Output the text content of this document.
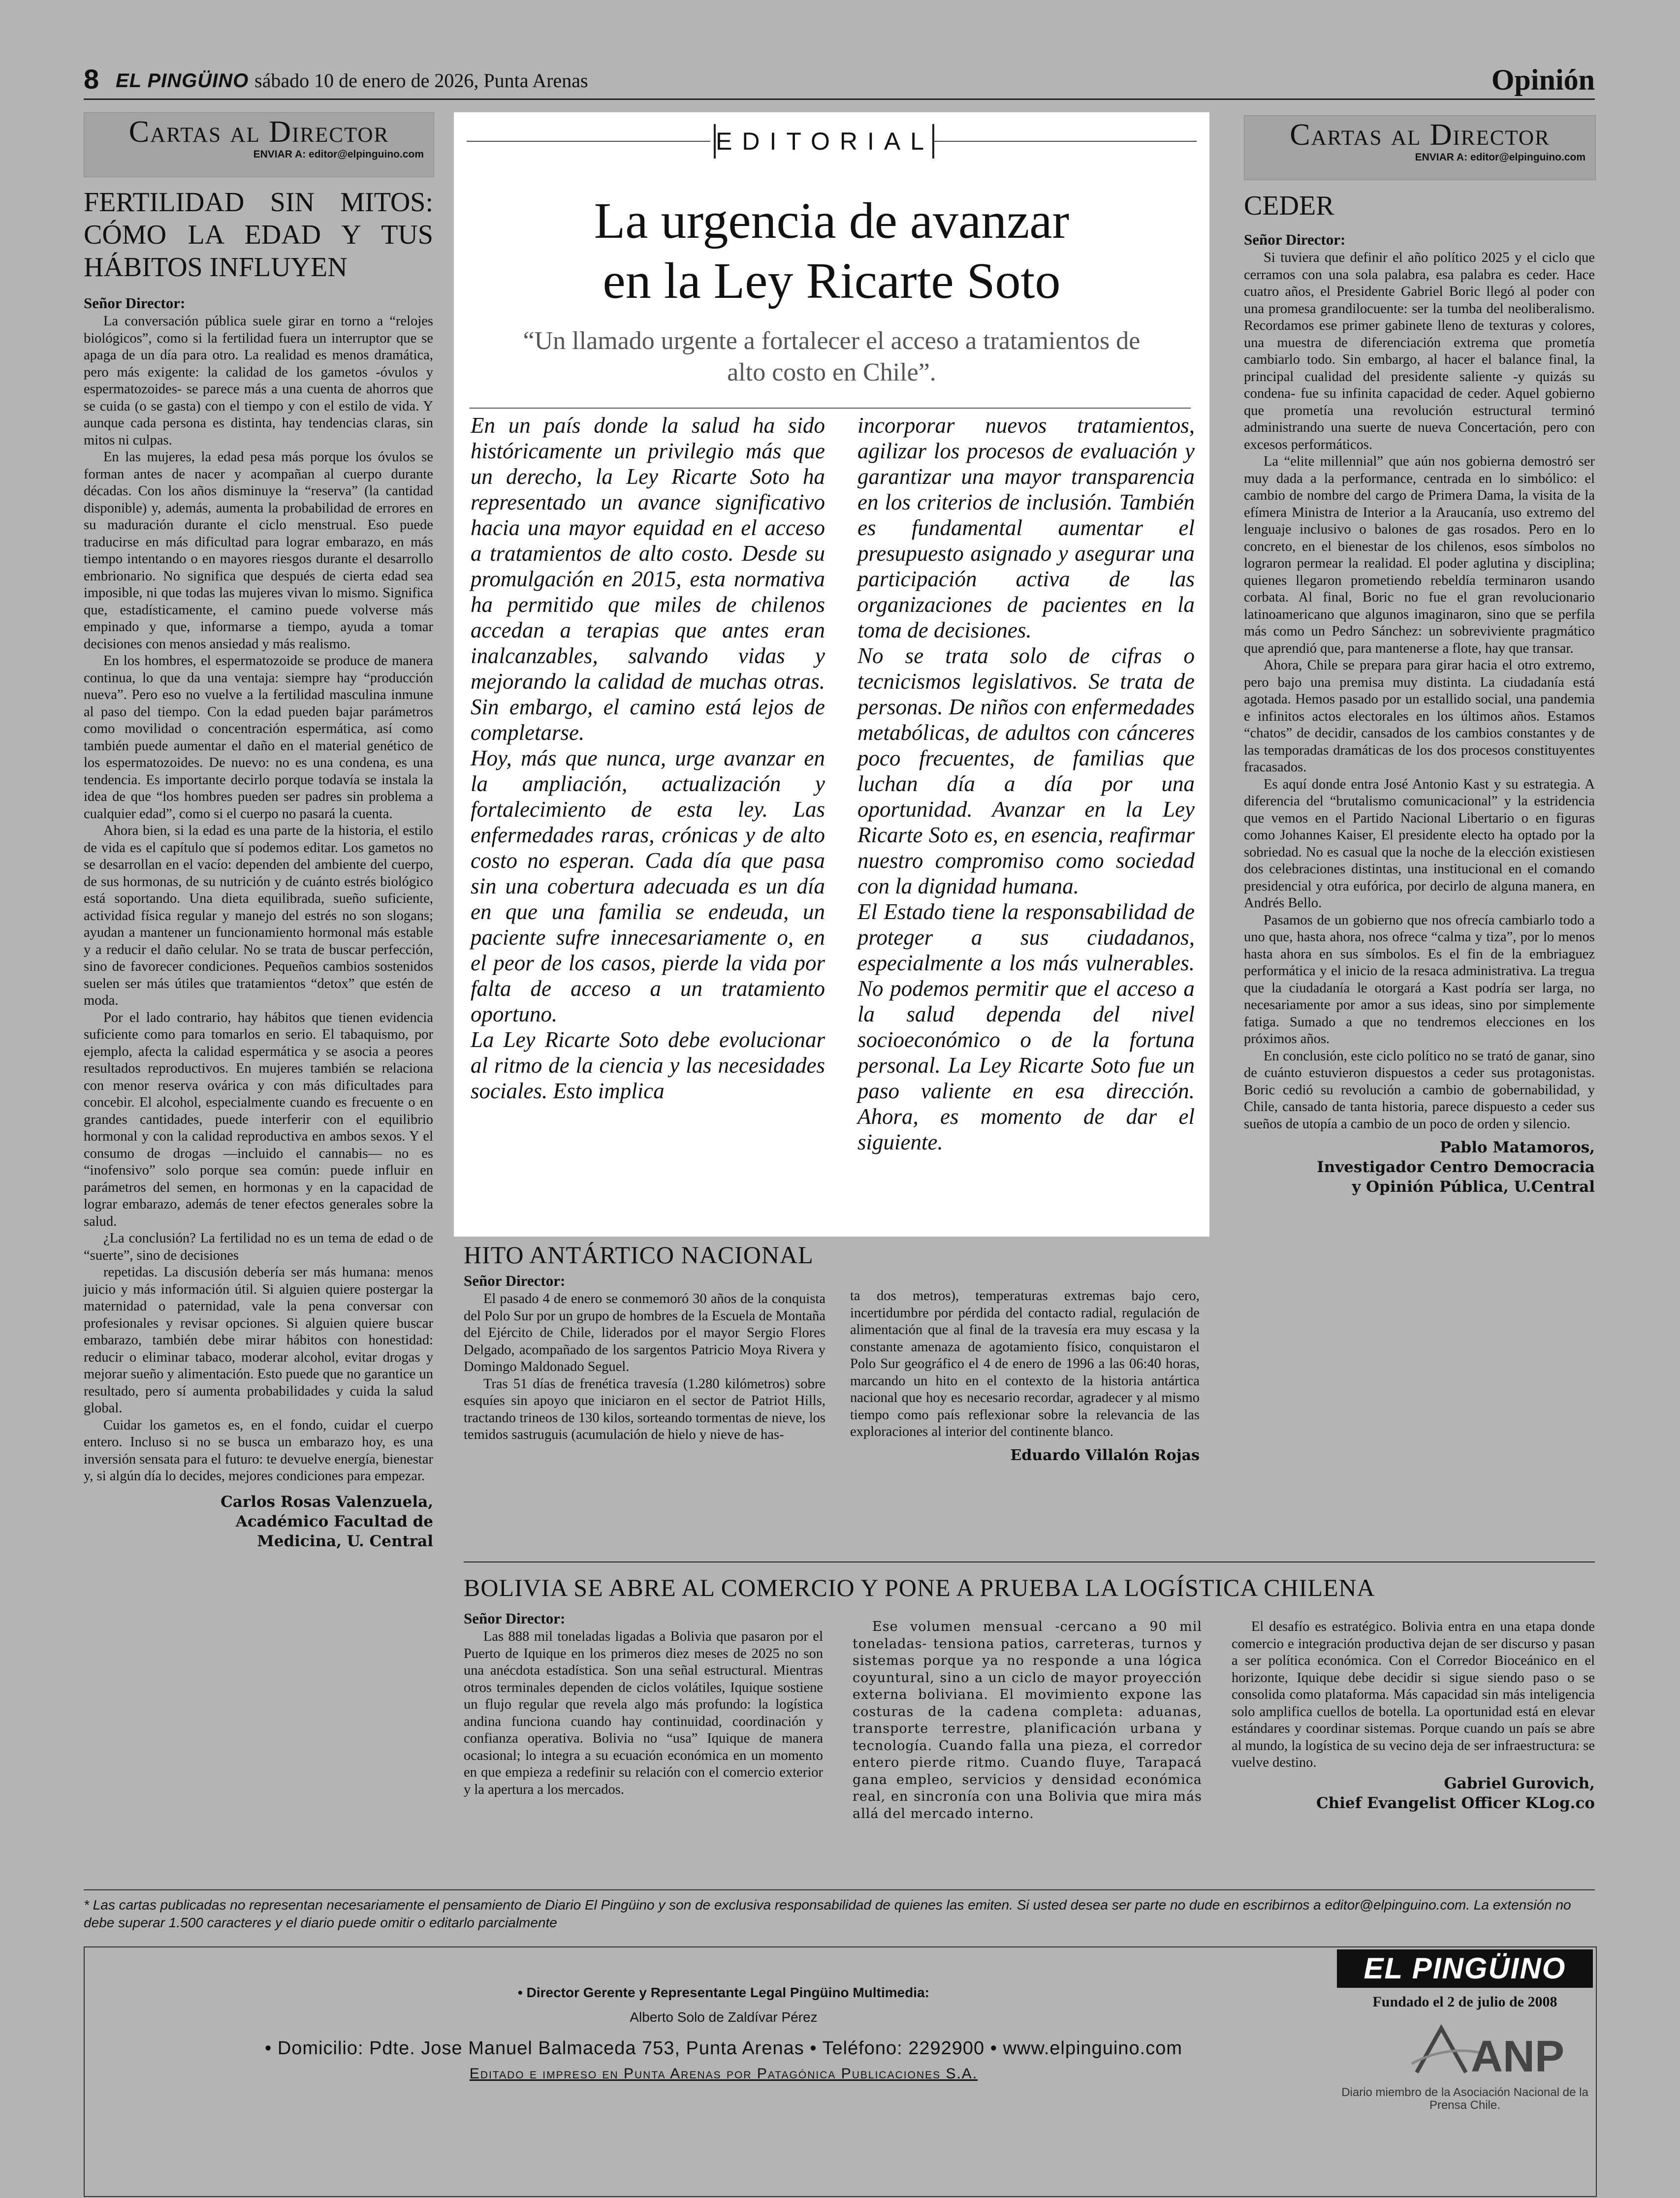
8 EL PINGÜINO sábado 10 de enero de 2026, Punta Arenas	Opinión
Cartas al Director
ENVIAR A: editor@elpinguino.com
FERTILIDAD SIN MITOS: CÓMO LA EDAD Y TUS HÁBITOS INFLUYEN
Señor Director:

La conversación pública suele girar en torno a “relojes biológicos”, como si la fertilidad fuera un interruptor que se apaga de un día para otro. La realidad es menos dramática, pero más exigente: la calidad de los gametos -óvulos y espermatozoides- se parece más a una cuenta de ahorros que se cuida (o se gasta) con el tiempo y con el estilo de vida. Y aunque cada persona es distinta, hay tendencias claras, sin mitos ni culpas.

En las mujeres, la edad pesa más porque los óvulos se forman antes de nacer y acompañan al cuerpo durante décadas. Con los años disminuye la “reserva” (la cantidad disponible) y, además, aumenta la probabilidad de errores en su maduración durante el ciclo menstrual. Eso puede traducirse en más dificultad para lograr embarazo, en más tiempo intentando o en mayores riesgos durante el desarrollo embrionario. No significa que después de cierta edad sea imposible, ni que todas las mujeres vivan lo mismo. Significa que, estadísticamente, el camino puede volverse más empinado y que, informarse a tiempo, ayuda a tomar decisiones con menos ansiedad y más realismo.

En los hombres, el espermatozoide se produce de manera continua, lo que da una ventaja: siempre hay “producción nueva”. Pero eso no vuelve a la fertilidad masculina inmune al paso del tiempo. Con la edad pueden bajar parámetros como movilidad o concentración espermática, así como también puede aumentar el daño en el material genético de los espermatozoides. De nuevo: no es una condena, es una tendencia. Es importante decirlo porque todavía se instala la idea de que “los hombres pueden ser padres sin problema a cualquier edad”, como si el cuerpo no pasará la cuenta.

Ahora bien, si la edad es una parte de la historia, el estilo de vida es el capítulo que sí podemos editar. Los gametos no se desarrollan en el vacío: dependen del ambiente del cuerpo, de sus hormonas, de su nutrición y de cuánto estrés biológico está soportando. Una dieta equilibrada, sueño suficiente, actividad física regular y manejo del estrés no son slogans; ayudan a mantener un funcionamiento hormonal más estable y a reducir el daño celular. No se trata de buscar perfección, sino de favorecer condiciones. Pequeños cambios sostenidos suelen ser más útiles que tratamientos “detox” que estén de moda.

Por el lado contrario, hay hábitos que tienen evidencia suficiente como para tomarlos en serio. El tabaquismo, por ejemplo, afecta la calidad espermática y se asocia a peores resultados reproductivos. En mujeres también se relaciona con menor reserva ovárica y con más dificultades para concebir. El alcohol, especialmente cuando es frecuente o en grandes cantidades, puede interferir con el equilibrio hormonal y con la calidad reproductiva en ambos sexos. Y el consumo de drogas —incluido el cannabis— no es “inofensivo” solo porque sea común: puede influir en parámetros del semen, en hormonas y en la capacidad de lograr embarazo, además de tener efectos generales sobre la salud.

¿La conclusión? La fertilidad no es un tema de edad o de “suerte”, sino de decisiones

repetidas. La discusión debería ser más humana: menos juicio y más información útil. Si alguien quiere postergar la maternidad o paternidad, vale la pena conversar con profesionales y revisar opciones. Si alguien quiere buscar embarazo, también debe mirar hábitos con honestidad: reducir o eliminar tabaco, moderar alcohol, evitar drogas y mejorar sueño y alimentación. Esto puede que no garantice un resultado, pero sí aumenta probabilidades y cuida la salud global.

Cuidar los gametos es, en el fondo, cuidar el cuerpo entero. Incluso si no se busca un embarazo hoy, es una inversión sensata para el futuro: te devuelve energía, bienestar y, si algún día lo decides, mejores condiciones para empezar.

Carlos Rosas Valenzuela,
Académico Facultad de
Medicina, U. Central
EDITORIAL
La urgencia de avanzar
en la Ley Ricarte Soto
“Un llamado urgente a fortalecer el acceso a tratamientos de alto costo en Chile”.

En un país donde la salud ha sido históricamente un privilegio más que un derecho, la Ley Ricarte Soto ha representado un avance significativo hacia una mayor equidad en el acceso a tratamientos de alto costo. Desde su promulgación en 2015, esta normativa ha permitido que miles de chilenos accedan a terapias que antes eran inalcanzables, salvando vidas y mejorando la calidad de muchas otras. Sin embargo, el camino está lejos de completarse.

Hoy, más que nunca, urge avanzar en la ampliación, actualización y fortalecimiento de esta ley. Las enfermedades raras, crónicas y de alto costo no esperan. Cada día que pasa sin una cobertura adecuada es un día en que una familia se endeuda, un paciente sufre innecesariamente o, en el peor de los casos, pierde la vida por falta de acceso a un tratamiento oportuno.

La Ley Ricarte Soto debe evolucionar al ritmo de la ciencia y las necesidades sociales. Esto implica

incorporar nuevos tratamientos, agilizar los procesos de evaluación y garantizar una mayor transparencia en los criterios de inclusión. También es fundamental aumentar el presupuesto asignado y asegurar una participación activa de las organizaciones de pacientes en la toma de decisiones.

No se trata solo de cifras o tecnicismos legislativos. Se trata de personas. De niños con enfermedades metabólicas, de adultos con cánceres poco frecuentes, de familias que luchan día a día por una oportunidad. Avanzar en la Ley Ricarte Soto es, en esencia, reafirmar nuestro compromiso como sociedad con la dignidad humana.

El Estado tiene la responsabilidad de proteger a sus ciudadanos, especialmente a los más vulnerables. No podemos permitir que el acceso a la salud dependa del nivel socioeconómico o de la fortuna personal. La Ley Ricarte Soto fue un paso valiente en esa dirección. Ahora, es momento de dar el siguiente.

Cartas al Director
ENVIAR A: editor@elpinguino.com
CEDER
Señor Director:

Si tuviera que definir el año político 2025 y el ciclo que cerramos con una sola palabra, esa palabra es ceder. Hace cuatro años, el Presidente Gabriel Boric llegó al poder con una promesa grandilocuente: ser la tumba del neoliberalismo. Recordamos ese primer gabinete lleno de texturas y colores, una muestra de diferenciación extrema que prometía cambiarlo todo. Sin embargo, al hacer el balance final, la principal cualidad del presidente saliente -y quizás su condena- fue su infinita capacidad de ceder. Aquel gobierno que prometía una revolución estructural terminó administrando una suerte de nueva Concertación, pero con excesos performáticos.

La “elite millennial” que aún nos gobierna demostró ser muy dada a la performance, centrada en lo simbólico: el cambio de nombre del cargo de Primera Dama, la visita de la efímera Ministra de Interior a la Araucanía, uso extremo del lenguaje inclusivo o balones de gas rosados. Pero en lo concreto, en el bienestar de los chilenos, esos símbolos no lograron permear la realidad. El poder aglutina y disciplina; quienes llegaron prometiendo rebeldía terminaron usando corbata. Al final, Boric no fue el gran revolucionario latinoamericano que algunos imaginaron, sino que se perfila más como un Pedro Sánchez: un sobreviviente pragmático que aprendió que, para mantenerse a flote, hay que transar.

Ahora, Chile se prepara para girar hacia el otro extremo, pero bajo una premisa muy distinta. La ciudadanía está agotada. Hemos pasado por un estallido social, una pandemia e infinitos actos electorales en los últimos años. Estamos “chatos” de decidir, cansados de los cambios constantes y de las temporadas dramáticas de los dos procesos constituyentes fracasados.

Es aquí donde entra José Antonio Kast y su estrategia. A diferencia del “brutalismo comunicacional” y la estridencia que vemos en el Partido Nacional Libertario o en figuras como Johannes Kaiser, El presidente electo ha optado por la sobriedad. No es casual que la noche de la elección existiesen dos celebraciones distintas, una institucional en el comando presidencial y otra eufórica, por decirlo de alguna manera, en Andrés Bello.

Pasamos de un gobierno que nos ofrecía cambiarlo todo a uno que, hasta ahora, nos ofrece “calma y tiza”, por lo menos hasta ahora en sus símbolos. Es el fin de la embriaguez performática y el inicio de la resaca administrativa. La tregua que la ciudadanía le otorgará a Kast podría ser larga, no necesariamente por amor a sus ideas, sino por simplemente fatiga. Sumado a que no tendremos elecciones en los próximos años.

En conclusión, este ciclo político no se trató de ganar, sino de cuánto estuvieron dispuestos a ceder sus protagonistas. Boric cedió su revolución a cambio de gobernabilidad, y Chile, cansado de tanta historia, parece dispuesto a ceder sus sueños de utopía a cambio de un poco de orden y silencio.

Pablo Matamoros,
Investigador Centro Democracia
y Opinión Pública, U.Central
HITO ANTÁRTICO NACIONAL
Señor Director:

El pasado 4 de enero se conmemoró 30 años de la conquista del Polo Sur por un grupo de hombres de la Escuela de Montaña del Ejército de Chile, liderados por el mayor Sergio Flores Delgado, acompañado de los sargentos Patricio Moya Rivera y Domingo Maldonado Seguel.

Tras 51 días de frenética travesía (1.280 kilómetros) sobre esquíes sin apoyo que iniciaron en el sector de Patriot Hills, tractando trineos de 130 kilos, sorteando tormentas de nieve, los temidos sastruguis (acumulación de hielo y nieve de has-

ta dos metros), temperaturas extremas bajo cero, incertidumbre por pérdida del contacto radial, regulación de alimentación que al final de la travesía era muy escasa y la constante amenaza de agotamiento físico, conquistaron el Polo Sur geográfico el 4 de enero de 1996 a las 06:40 horas, marcando un hito en el contexto de la historia antártica nacional que hoy es necesario recordar, agradecer y al mismo tiempo como país reflexionar sobre la relevancia de las exploraciones al interior del continente blanco.

Eduardo Villalón Rojas
BOLIVIA SE ABRE AL COMERCIO Y PONE A PRUEBA LA LOGÍSTICA CHILENA
Señor Director:

Las 888 mil toneladas ligadas a Bolivia que pasaron por el Puerto de Iquique en los primeros diez meses de 2025 no son una anécdota estadística. Son una señal estructural. Mientras otros terminales dependen de ciclos volátiles, Iquique sostiene un flujo regular que revela algo más profundo: la logística andina funciona cuando hay continuidad, coordinación y confianza operativa. Bolivia no “usa” Iquique de manera ocasional; lo integra a su ecuación económica en un momento en que empieza a redefinir su relación con el comercio exterior y la apertura a los mercados.

Ese volumen mensual -cercano a 90 mil toneladas- tensiona patios, carreteras, turnos y sistemas porque ya no responde a una lógica coyuntural, sino a un ciclo de mayor proyección externa boliviana. El movimiento expone las costuras de la cadena completa: aduanas, transporte terrestre, planificación urbana y tecnología. Cuando falla una pieza, el corredor entero pierde ritmo. Cuando fluye, Tarapacá gana empleo, servicios y densidad económica real, en sincronía con una Bolivia que mira más allá del mercado interno.

El desafío es estratégico. Bolivia entra en una etapa donde comercio e integración productiva dejan de ser discurso y pasan a ser política económica. Con el Corredor Bioceánico en el horizonte, Iquique debe decidir si sigue siendo paso o se consolida como plataforma. Más capacidad sin más inteligencia solo amplifica cuellos de botella. La oportunidad está en elevar estándares y coordinar sistemas. Porque cuando un país se abre al mundo, la logística de su vecino deja de ser infraestructura: se vuelve destino.

Gabriel Gurovich,
Chief Evangelist Officer KLog.co
* Las cartas publicadas no representan necesariamente el pensamiento de Diario El Pingüino y son de exclusiva responsabilidad de quienes las emiten. Si usted desea ser parte no dude en escribirnos a editor@elpinguino.com. La extensión no debe superar 1.500 caracteres y el diario puede omitir o editarlo parcialmente
• Director Gerente y Representante Legal Pingüino Multimedia:
Alberto Solo de Zaldívar Pérez
• Domicilio: Pdte. Jose Manuel Balmaceda 753, Punta Arenas • Teléfono: 2292900 • www.elpinguino.com
Editado e impreso en Punta Arenas por Patagónica Publicaciones S.A.
EL PINGÜINO
Fundado el 2 de julio de 2008
ANP
Diario miembro de la Asociación Nacional de la Prensa Chile.
